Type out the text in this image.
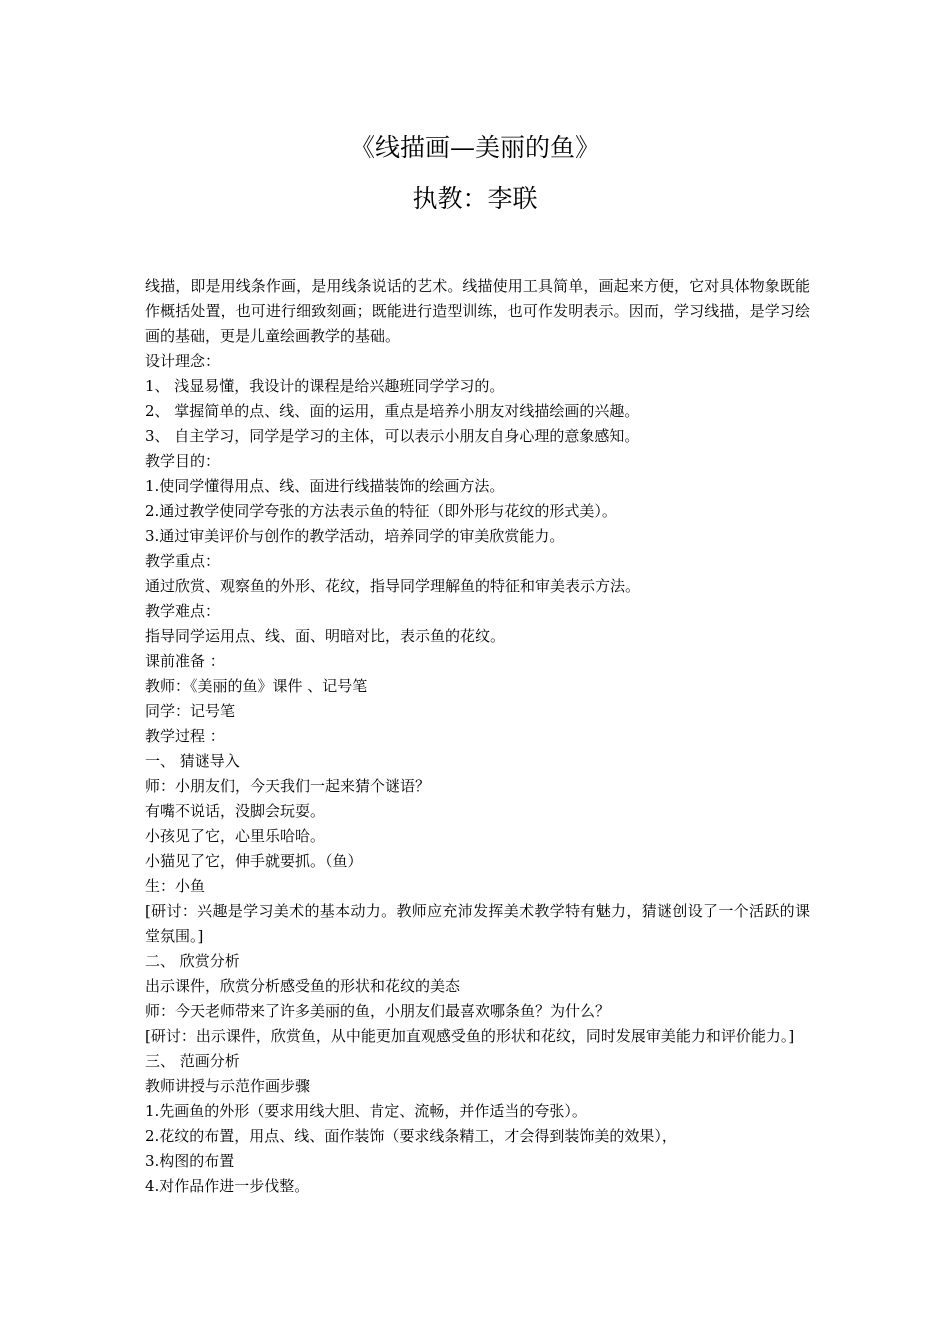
《线描画—美丽的鱼》
执教：李联

线描，即是用线条作画，是用线条说话的艺术。线描使用工具简单，画起来方便，它对具体物象既能作概括处置，也可进行细致刻画；既能进行造型训练，也可作发明表示。因而，学习线描，是学习绘画的基础，更是儿童绘画教学的基础。

设计理念：

1、 浅显易懂，我设计的课程是给兴趣班同学学习的。

2、 掌握简单的点、线、面的运用，重点是培养小朋友对线描绘画的兴趣。

3、 自主学习，同学是学习的主体，可以表示小朋友自身心理的意象感知。

教学目的：

1.使同学懂得用点、线、面进行线描装饰的绘画方法。

2.通过教学使同学夸张的方法表示鱼的特征（即外形与花纹的形式美）。

3.通过审美评价与创作的教学活动，培养同学的审美欣赏能力。

教学重点：

通过欣赏、观察鱼的外形、花纹，指导同学理解鱼的特征和审美表示方法。

教学难点：

指导同学运用点、线、面、明暗对比，表示鱼的花纹。

课前准备 ：

教师：《美丽的鱼》课件 、记号笔

同学：记号笔

教学过程 ：

一、 猜谜导入

师：小朋友们，今天我们一起来猜个谜语？

有嘴不说话，没脚会玩耍。

小孩见了它，心里乐哈哈。

小猫见了它，伸手就要抓。（鱼）

生：小鱼

[研讨：兴趣是学习美术的基本动力。教师应充沛发挥美术教学特有魅力，猜谜创设了一个活跃的课堂氛围。]

二、 欣赏分析

出示课件，欣赏分析感受鱼的形状和花纹的美态

师：今天老师带来了许多美丽的鱼，小朋友们最喜欢哪条鱼？为什么？

[研讨：出示课件，欣赏鱼，从中能更加直观感受鱼的形状和花纹，同时发展审美能力和评价能力。]

三、 范画分析

教师讲授与示范作画步骤

1.先画鱼的外形（要求用线大胆、肯定、流畅，并作适当的夸张）。

2.花纹的布置，用点、线、面作装饰（要求线条精工，才会得到装饰美的效果），

3.构图的布置

4.对作品作进一步伐整。
